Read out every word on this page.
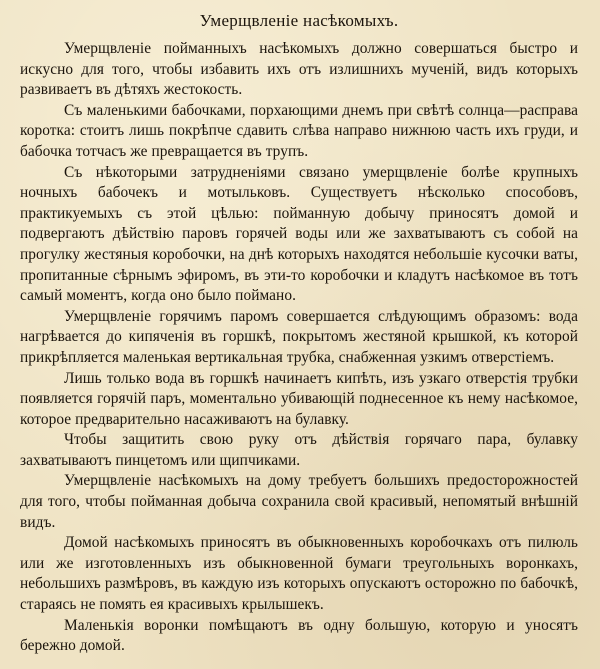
Умерщвленіе насѣкомыхъ.

Умерщвленіе пойманныхъ насѣкомыхъ должно совершаться быстро и искусно для того, чтобы избавить ихъ отъ излишнихъ мученій, видъ которыхъ развиваетъ въ дѣтяхъ жестокость.

Съ маленькими бабочками, порхающими днемъ при свѣтѣ солнца—расправа коротка: стоитъ лишь покрѣпче сдавить слѣва направо нижнюю часть ихъ груди, и бабочка тотчасъ же превращается въ трупъ.

Съ нѣкоторыми затрудненіями связано умерщвленіе болѣе крупныхъ ночныхъ бабочекъ и мотыльковъ. Существуетъ нѣсколько способовъ, практикуемыхъ съ этой цѣлью: пойманную добычу приносятъ домой и подвергаютъ дѣйствію паровъ горячей воды или же захватываютъ съ собой на прогулку жестяныя коробочки, на днѣ которыхъ находятся небольшіе кусочки ваты, пропитанные сѣрнымъ эфиромъ, въ эти-то коробочки и кладутъ насѣкомое въ тотъ самый моментъ, когда оно было поймано.

Умерщвленіе горячимъ паромъ совершается слѣдующимъ образомъ: вода нагрѣвается до кипяченія въ горшкѣ, покрытомъ жестяной крышкой, къ которой прикрѣпляется маленькая вертикальная трубка, снабженная узкимъ отверстіемъ.

Лишь только вода въ горшкѣ начинаетъ кипѣть, изъ узкаго отверстія трубки появляется горячій паръ, моментально убивающій поднесенное къ нему насѣкомое, которое предварительно насаживаютъ на булавку.

Чтобы защитить свою руку отъ дѣйствія горячаго пара, булавку захватываютъ пинцетомъ или щипчиками.

Умерщвленіе насѣкомыхъ на дому требуетъ большихъ предосторожностей для того, чтобы пойманная добыча сохранила свой красивый, непомятый внѣшній видъ.

Домой насѣкомыхъ приносятъ въ обыкновенныхъ коробочкахъ отъ пилюль или же изготовленныхъ изъ обыкновенной бумаги треугольныхъ воронкахъ, небольшихъ размѣровъ, въ каждую изъ которыхъ опускаютъ осторожно по бабочкѣ, стараясь не помять ея красивыхъ крылышекъ.

Маленькія воронки помѣщаютъ въ одну большую, которую и уносятъ бережно домой.
